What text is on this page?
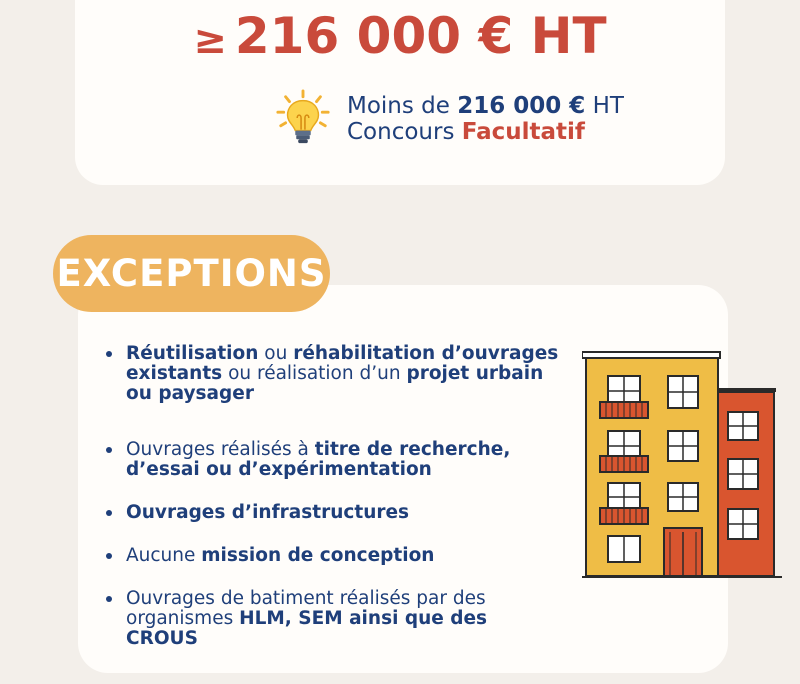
≥ 216 000 € HT
Moins de 216 000 € HT
Concours Facultatif
EXCEPTIONS
Réutilisation ou réhabilitation d’ouvrages existants ou réalisation d’un projet urbain ou paysager
Ouvrages réalisés à titre de recherche, d’essai ou d’expérimentation
Ouvrages d’infrastructures
Aucune mission de conception
Ouvrages de batiment réalisés par des organismes HLM, SEM ainsi que des CROUS
